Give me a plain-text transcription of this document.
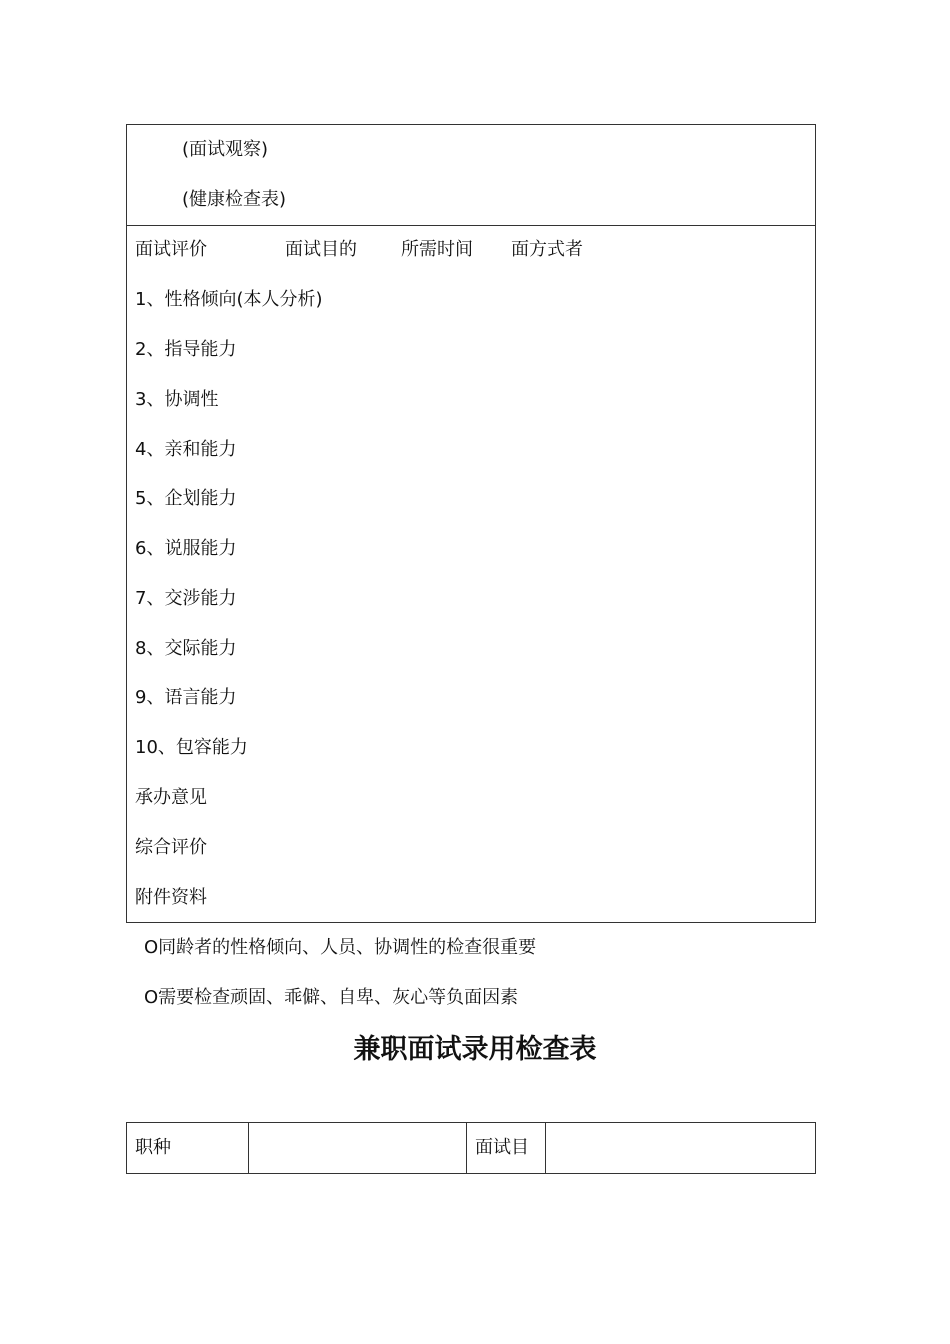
(面试观察)
(健康检查表)
面试评价	面试目的 所需时间 面方式者
1、性格倾向(本人分析)
2、指导能力
3、协调性
4、亲和能力
5、企划能力
6、说服能力
7、交涉能力
8、交际能力
9、语言能力
10、包容能力
承办意见
综合评价
附件资料
O同龄者的性格倾向、人员、协调性的检查很重要
O需要检查顽固、乖僻、自卑、灰心等负面因素
兼职面试录用检查表
职种	面试目
